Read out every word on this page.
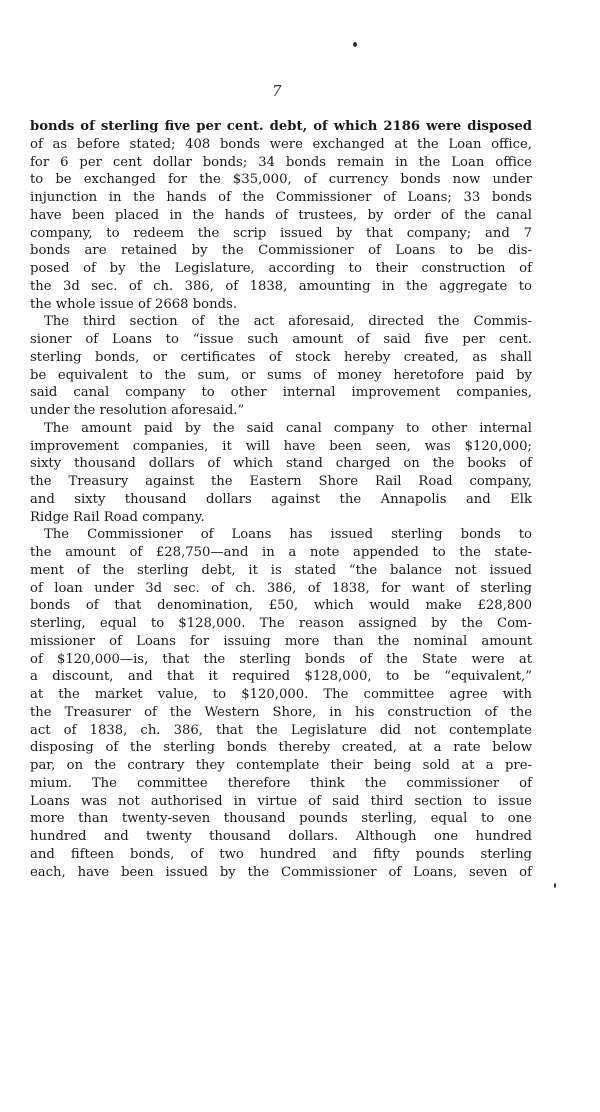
7
bonds of sterling five per cent. debt, of which 2186 were disposed
of as before stated; 408 bonds were exchanged at the Loan office,
for 6 per cent dollar bonds; 34 bonds remain in the Loan office
to be exchanged for the $35,000, of currency bonds now under
injunction in the hands of the Commissioner of Loans; 33 bonds
have been placed in the hands of trustees, by order of the canal
company, to redeem the scrip issued by that company; and 7
bonds are retained by the Commissioner of Loans to be dis-
posed of by the Legislature, according to their construction of
the 3d sec. of ch. 386, of 1838, amounting in the aggregate to
the whole issue of 2668 bonds.
The third section of the act aforesaid, directed the Commis-
sioner of Loans to “issue such amount of said five per cent.
sterling bonds, or certificates of stock hereby created, as shall
be equivalent to the sum, or sums of money heretofore paid by
said canal company to other internal improvement companies,
under the resolution aforesaid.”
The amount paid by the said canal company to other internal
improvement companies, it will have been seen, was $120,000;
sixty thousand dollars of which stand charged on the books of
the Treasury against the Eastern Shore Rail Road company,
and sixty thousand dollars against the Annapolis and Elk
Ridge Rail Road company.
The Commissioner of Loans has issued sterling bonds to
the amount of £28,750—and in a note appended to the state-
ment of the sterling debt, it is stated “the balance not issued
of loan under 3d sec. of ch. 386, of 1838, for want of sterling
bonds of that denomination, £50, which would make £28,800
sterling, equal to $128,000. The reason assigned by the Com-
missioner of Loans for issuing more than the nominal amount
of $120,000—is, that the sterling bonds of the State were at
a discount, and that it required $128,000, to be “equivalent,”
at the market value, to $120,000. The committee agree with
the Treasurer of the Western Shore, in his construction of the
act of 1838, ch. 386, that the Legislature did not contemplate
disposing of the sterling bonds thereby created, at a rate below
par, on the contrary they contemplate their being sold at a pre-
mium. The committee therefore think the commissioner of
Loans was not authorised in virtue of said third section to issue
more than twenty-seven thousand pounds sterling, equal to one
hundred and twenty thousand dollars. Although one hundred
and fifteen bonds, of two hundred and fifty pounds sterling
each, have been issued by the Commissioner of Loans, seven of
